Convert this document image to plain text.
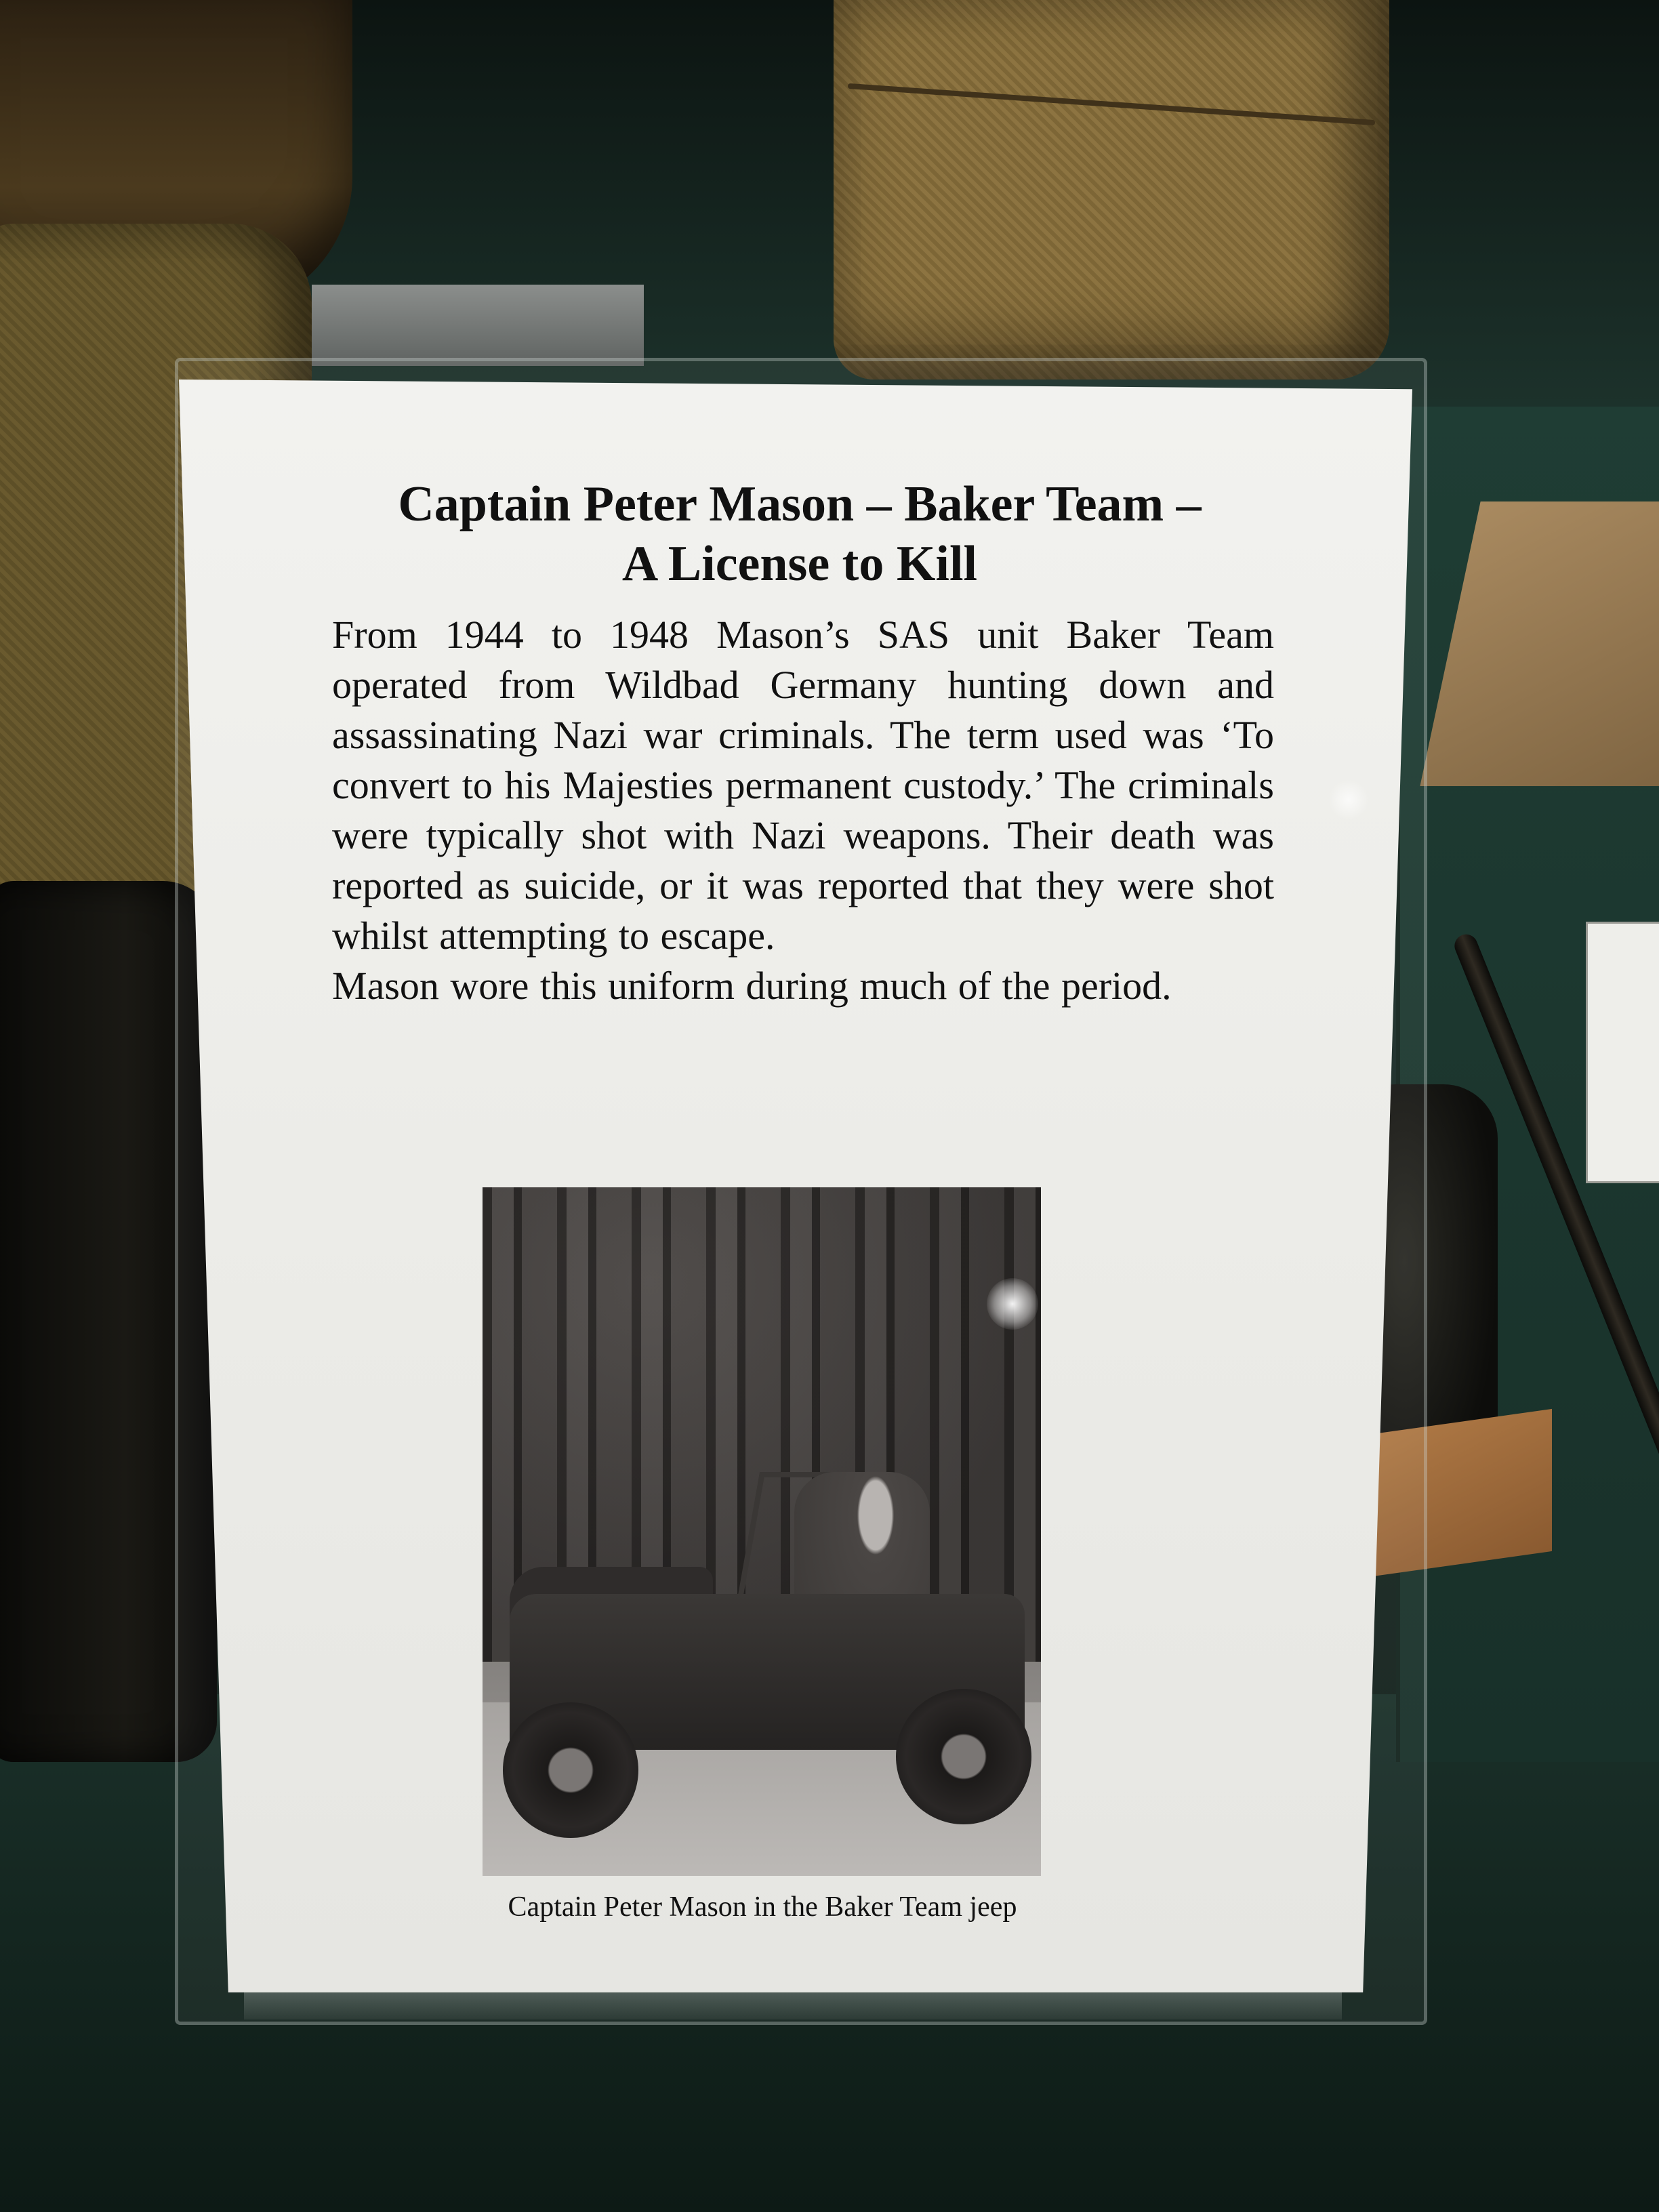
Captain Peter Mason – Baker Team –
A License to Kill

From 1944 to 1948 Mason’s SAS unit Baker Team operated from Wildbad Germany hunting down and assassinating Nazi war criminals. The term used was ‘To convert to his Majesties permanent custody.’ The criminals were typically shot with Nazi weapons. Their death was reported as suicide, or it was reported that they were shot whilst attempting to escape.

Mason wore this uniform during much of the period.

Captain Peter Mason in the Baker Team jeep
